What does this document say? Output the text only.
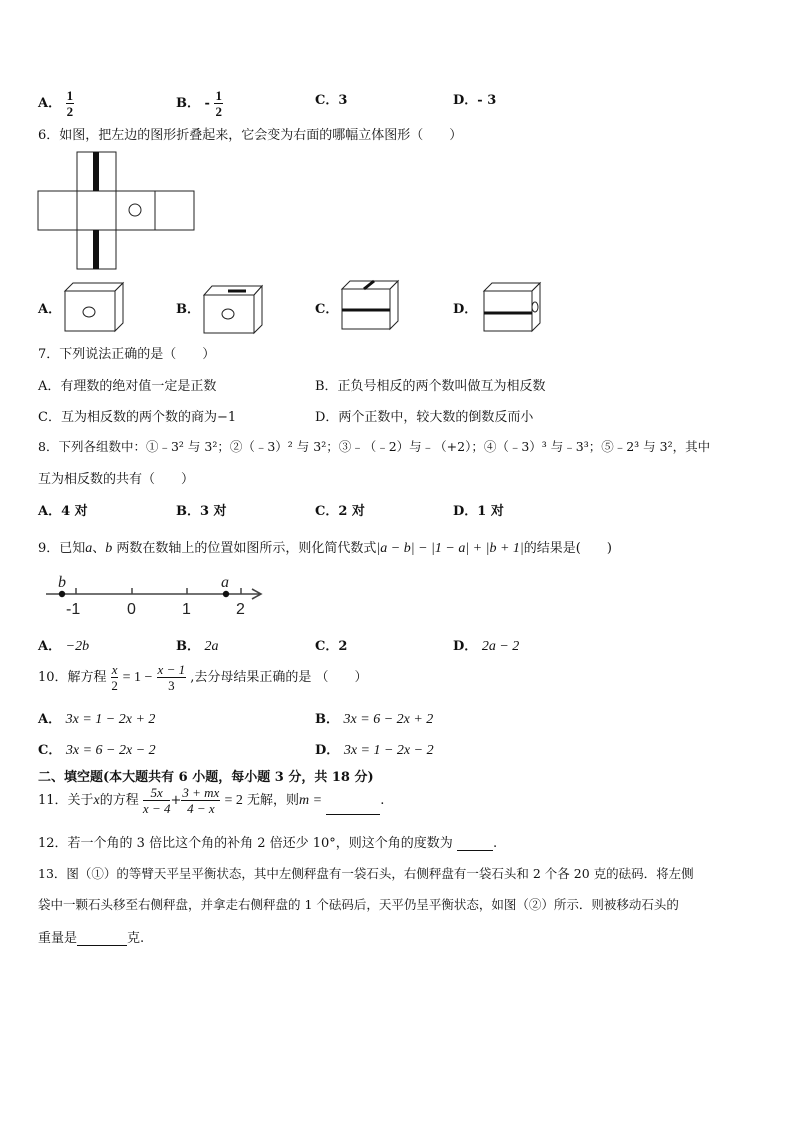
A． $\frac{1}{2}$	B． - $\frac{1}{2}$	C．3	D．- 3
6．如图，把左边的图形折叠起来，它会变为右面的哪幅立体图形（　　）
A．	B．	C．	D．
7．下列说法正确的是（　　）
A．有理数的绝对值一定是正数	B．正负号相反的两个数叫做互为相反数
C．互为相反数的两个数的商为−1	D．两个正数中，较大数的倒数反而小
8．下列各组数中：①﹣3² 与 3²；②（﹣3）² 与 3²；③﹣（﹣2）与﹣（+2）；④（﹣3）³ 与﹣3³；⑤﹣2³ 与 3²，其中
互为相反数的共有（　　）
A．4 对	B．3 对	C．2 对	D．1 对
9．已知a、b 两数在数轴上的位置如图所示，则化简代数式|a − b| − |1 − a| + |b + 1|的结果是(　　)
b	a
-1	0	1	2
A． −2b	B． 2a	C．2	D． 2a − 2
10．解方程 $\frac{x}{2} = 1 - \frac{x - 1}{3}$ ,去分母结果正确的是 （　　）
A． 3x = 1 − 2x + 2	B． 3x = 6 − 2x + 2
C． 3x = 6 − 2x − 2	D． 3x = 1 − 2x − 2
二、填空题(本大题共有 6 小题，每小题 3 分，共 18 分)
11．关于x的方程 $\frac{5x}{x - 4} + \frac{3 + mx}{4 - x} = 2$ 无解，则m =	.
12．若一个角的 3 倍比这个角的补角 2 倍还少 10°，则这个角的度数为	.
13．图（①）的等臂天平呈平衡状态，其中左侧秤盘有一袋石头，右侧秤盘有一袋石头和 2 个各 20 克的砝码．将左侧
袋中一颗石头移至右侧秤盘，并拿走右侧秤盘的 1 个砝码后，天平仍呈平衡状态，如图（②）所示．则被移动石头的
重量是	克.
